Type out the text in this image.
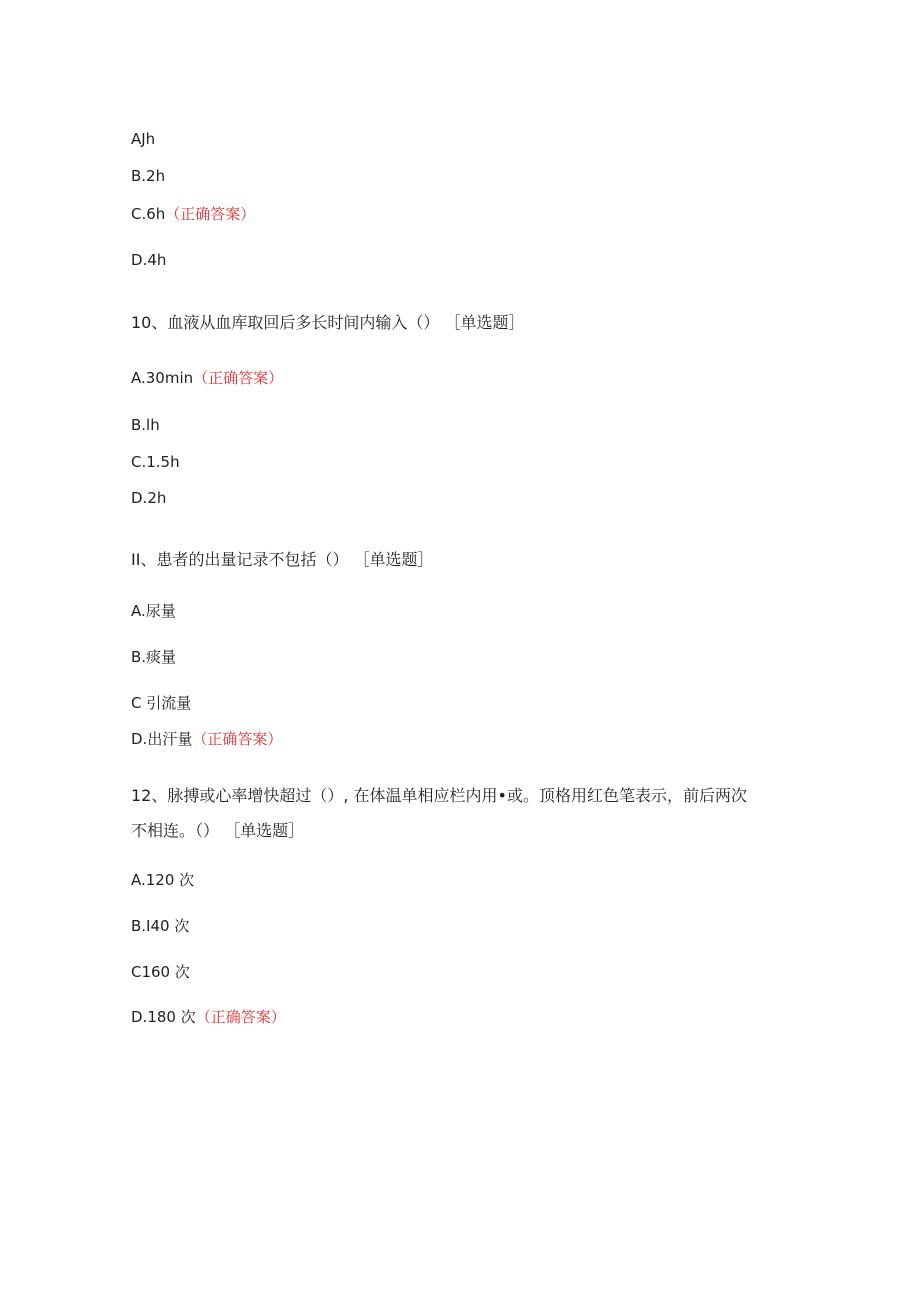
AJh
B.2h
C.6h（正确答案）
D.4h
10、血液从血库取回后多长时间内输入（） ［单选题］
A.30min（正确答案）
B.lh
C.1.5h
D.2h
II、患者的出量记录不包括（） ［单选题］
A.尿量
B.痰量
C 引流量
D.出汗量（正确答案）
12、脉搏或心率增快超过（）, 在体温单相应栏内用•或。顶格用红色笔表示，前后两次
不相连。（） ［单选题］
A.120 次
B.I40 次
C160 次
D.180 次（正确答案）
